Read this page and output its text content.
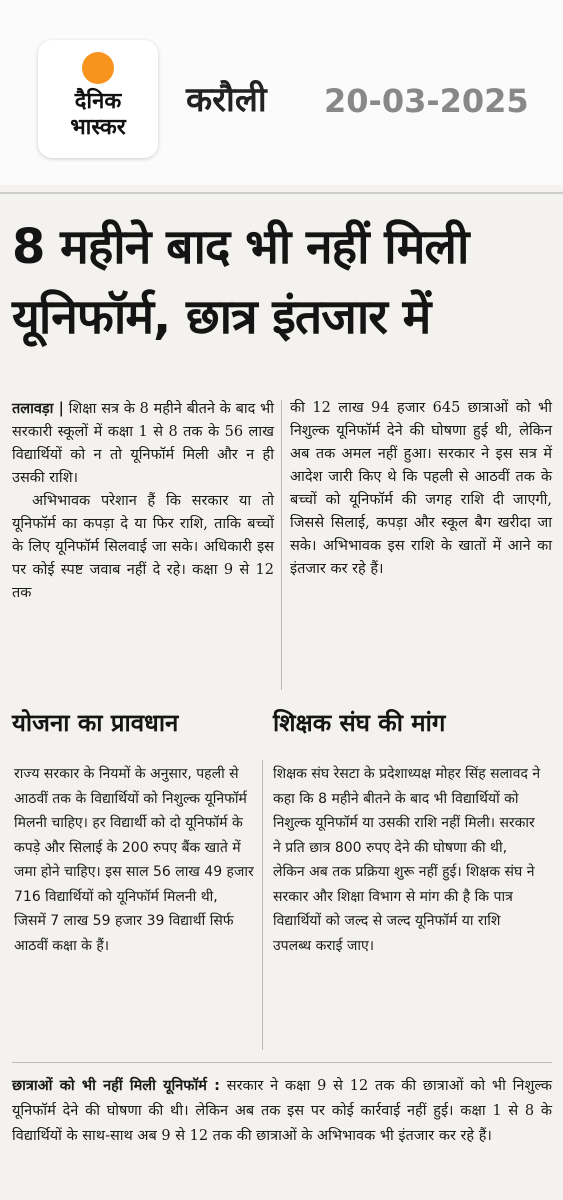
दैनिक
भास्कर
करौली 20-03-2025
8 महीने बाद भी नहीं मिली यूनिफॉर्म, छात्र इंतजार में

तलावड़ा | शिक्षा सत्र के 8 महीने बीतने के बाद भी सरकारी स्कूलों में कक्षा 1 से 8 तक के 56 लाख विद्यार्थियों को न तो यूनिफॉर्म मिली और न ही उसकी राशि।

अभिभावक परेशान हैं कि सरकार या तो यूनिफॉर्म का कपड़ा दे या फिर राशि, ताकि बच्चों के लिए यूनिफॉर्म सिलवाई जा सके। अधिकारी इस पर कोई स्पष्ट जवाब नहीं दे रहे। कक्षा 9 से 12 तक

की 12 लाख 94 हजार 645 छात्राओं को भी निशुल्क यूनिफॉर्म देने की घोषणा हुई थी, लेकिन अब तक अमल नहीं हुआ। सरकार ने इस सत्र में आदेश जारी किए थे कि पहली से आठवीं तक के बच्चों को यूनिफॉर्म की जगह राशि दी जाएगी, जिससे सिलाई, कपड़ा और स्कूल बैग खरीदा जा सके। अभिभावक इस राशि के खातों में आने का इंतजार कर रहे हैं।

योजना का प्रावधान	शिक्षक संघ की मांग

राज्य सरकार के नियमों के अनुसार, पहली से आठवीं तक के विद्यार्थियों को निशुल्क यूनिफॉर्म मिलनी चाहिए। हर विद्यार्थी को दो यूनिफॉर्म के कपड़े और सिलाई के 200 रुपए बैंक खाते में जमा होने चाहिए। इस साल 56 लाख 49 हजार 716 विद्यार्थियों को यूनिफॉर्म मिलनी थी, जिसमें 7 लाख 59 हजार 39 विद्यार्थी सिर्फ आठवीं कक्षा के हैं।

शिक्षक संघ रेसटा के प्रदेशाध्यक्ष मोहर सिंह सलावद ने कहा कि 8 महीने बीतने के बाद भी विद्यार्थियों को निशुल्क यूनिफॉर्म या उसकी राशि नहीं मिली। सरकार ने प्रति छात्र 800 रुपए देने की घोषणा की थी, लेकिन अब तक प्रक्रिया शुरू नहीं हुई। शिक्षक संघ ने सरकार और शिक्षा विभाग से मांग की है कि पात्र विद्यार्थियों को जल्द से जल्द यूनिफॉर्म या राशि उपलब्ध कराई जाए।

छात्राओं को भी नहीं मिली यूनिफॉर्म : सरकार ने कक्षा 9 से 12 तक की छात्राओं को भी निशुल्क यूनिफॉर्म देने की घोषणा की थी। लेकिन अब तक इस पर कोई कार्रवाई नहीं हुई। कक्षा 1 से 8 के विद्यार्थियों के साथ-साथ अब 9 से 12 तक की छात्राओं के अभिभावक भी इंतजार कर रहे हैं।
